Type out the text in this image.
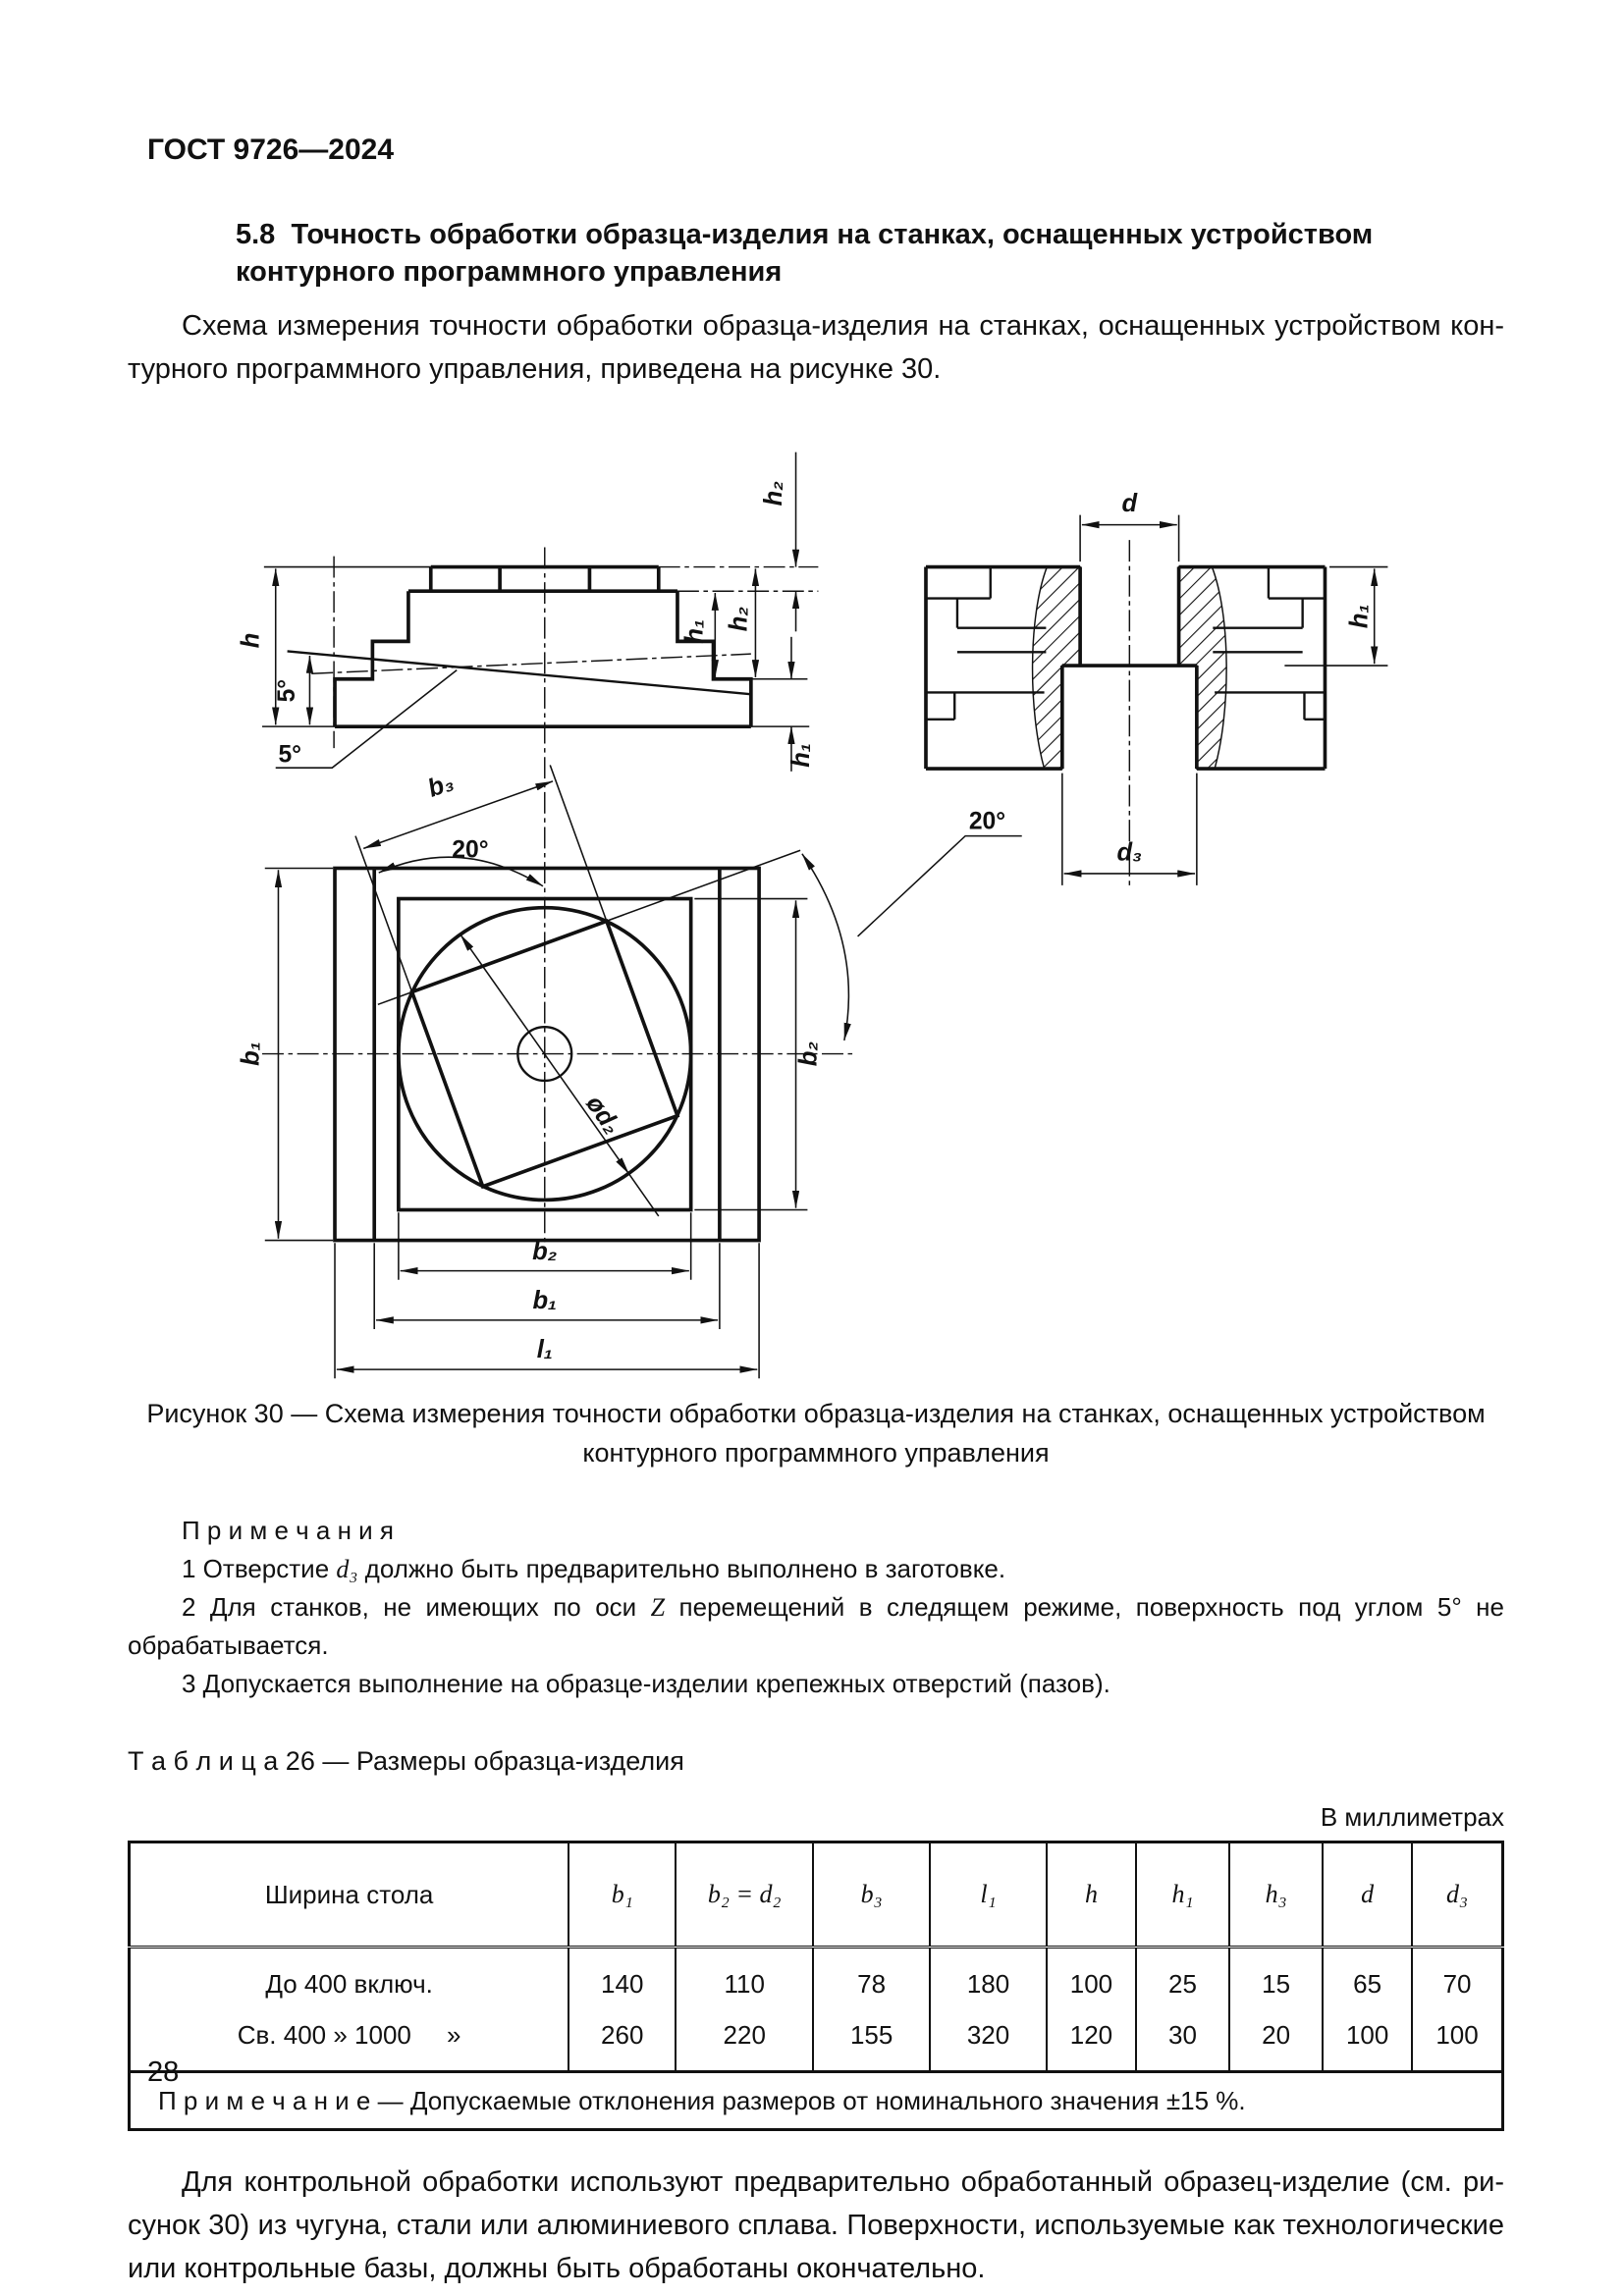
ГОСТ 9726—2024
5.8 Точность обработки образца-изделия на станках, оснащенных устройством
контурного программного управления
Схема измерения точности обработки образца-изделия на станках, оснащенных устройством кон-
турного программного управления, приведена на рисунке 30.
h
5°
5°
h₂
h₁
h₂
h₁
d
h₁
d₃
b₃
20°
20°
ød₂
b₁	b₂
b₂
b₁
l₁
Рисунок 30 — Схема измерения точности обработки образца-изделия на станках, оснащенных устройством
контурного программного управления
П р и м е ч а н и я
1 Отверстие d₃ должно быть предварительно выполнено в заготовке.
2 Для станков, не имеющих по оси Z перемещений в следящем режиме, поверхность под углом 5° не
обрабатывается.
3 Допускается выполнение на образце-изделии крепежных отверстий (пазов).
Т а б л и ц а 26 — Размеры образца-изделия
В миллиметрах
Ширина стола	b₁	b₂ = d₂	b₃	l₁	h	h₁	h₃	d	d₃
До 400 включ.	140	110	78	180	100	25	15	65	70
Св. 400 » 1000     »	260	220	155	320	120	30	20	100	100
П р и м е ч а н и е — Допускаемые отклонения размеров от номинального значения ±15 %.									
Для контрольной обработки используют предварительно обработанный образец-изделие (см. ри-
сунок 30) из чугуна, стали или алюминиевого сплава. Поверхности, используемые как технологические
или контрольные базы, должны быть обработаны окончательно.
28
